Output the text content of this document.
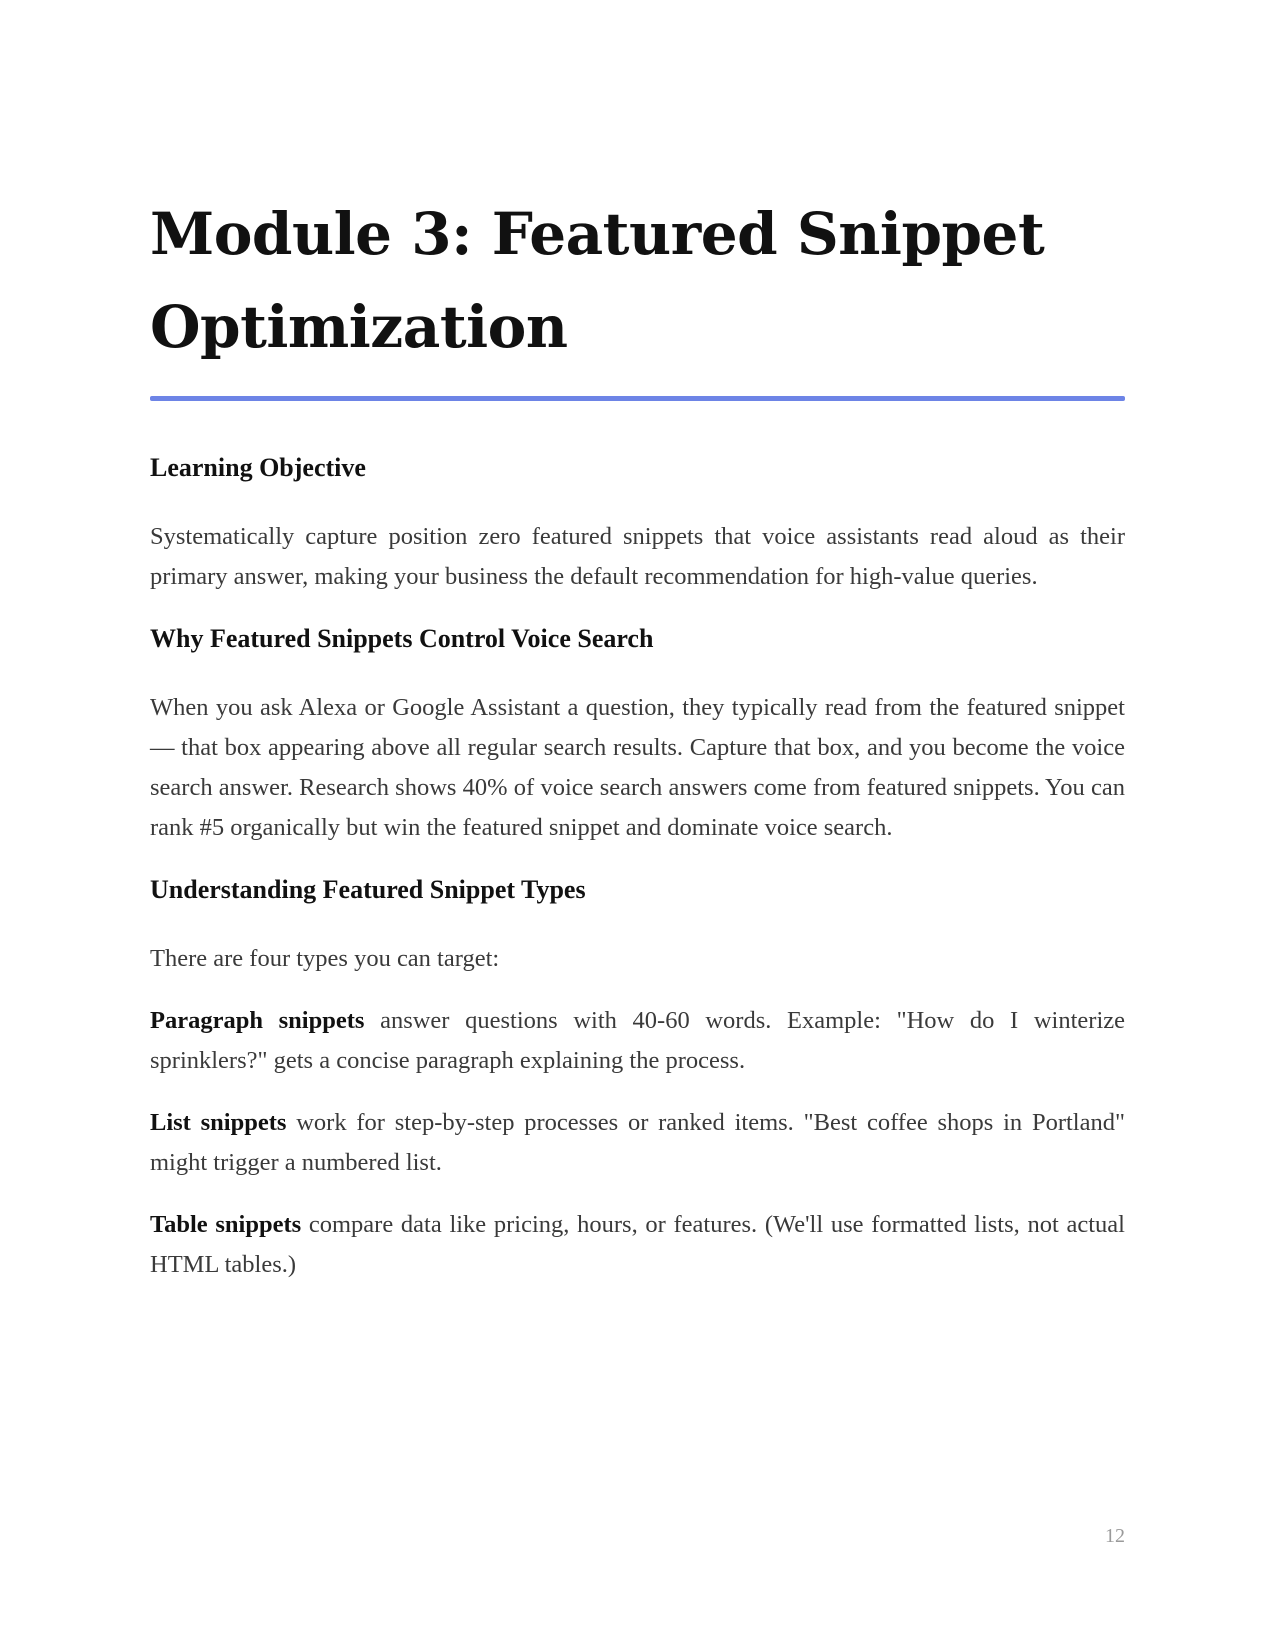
Module 3: Featured Snippet Optimization
Learning Objective

Systematically capture position zero featured snippets that voice assistants read aloud as their primary answer, making your business the default recommendation for high-value queries.

Why Featured Snippets Control Voice Search

When you ask Alexa or Google Assistant a question, they typically read from the featured snippet — that box appearing above all regular search results. Capture that box, and you become the voice search answer. Research shows 40% of voice search answers come from featured snippets. You can rank #5 organically but win the featured snippet and dominate voice search.

Understanding Featured Snippet Types

There are four types you can target:

Paragraph snippets answer questions with 40-60 words. Example: "How do I winterize sprinklers?" gets a concise paragraph explaining the process.

List snippets work for step-by-step processes or ranked items. "Best coffee shops in Portland" might trigger a numbered list.

Table snippets compare data like pricing, hours, or features. (We'll use formatted lists, not actual HTML tables.)

12
